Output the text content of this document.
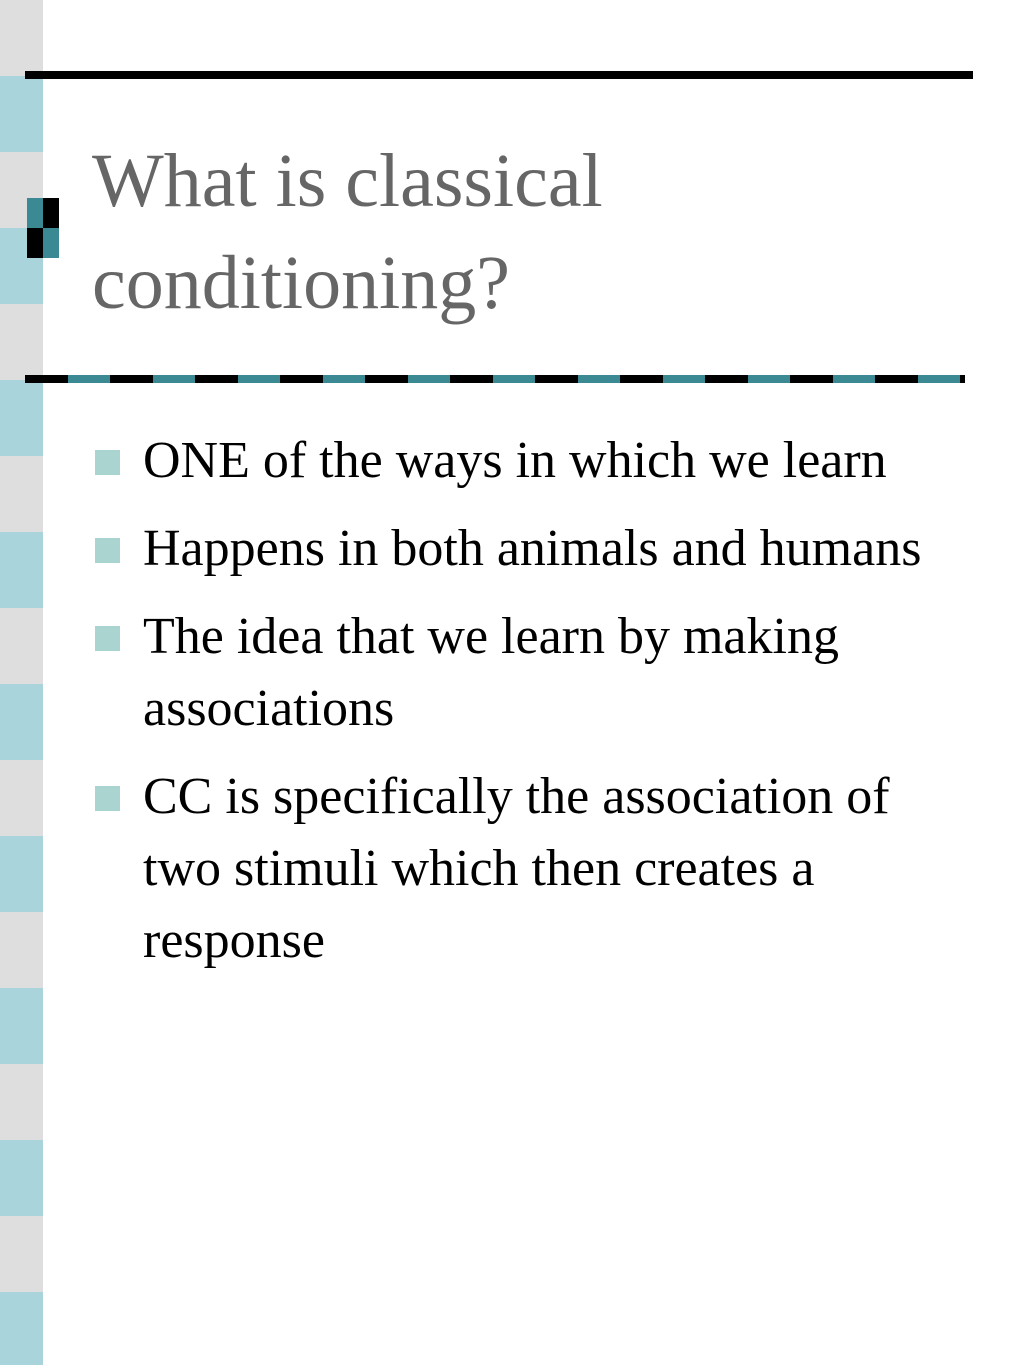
What is classical conditioning?
ONE of the ways in which we learn
Happens in both animals and humans
The idea that we learn by making associations
CC is specifically the association of two stimuli which then creates a response
